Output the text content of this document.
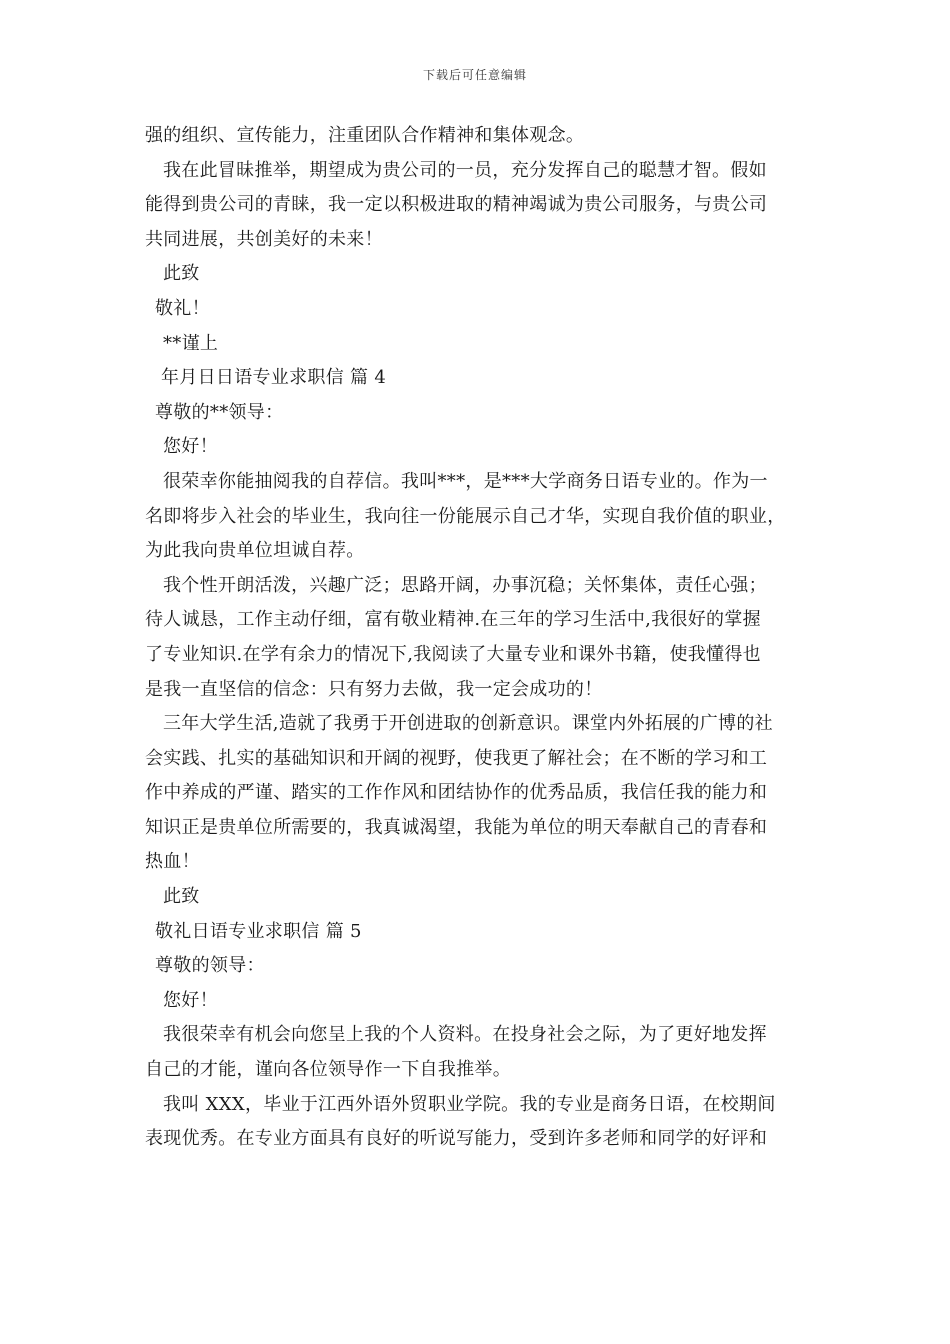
下载后可任意编辑
强的组织、宣传能力，注重团队合作精神和集体观念。
我在此冒昧推举，期望成为贵公司的一员，充分发挥自己的聪慧才智。假如
能得到贵公司的青睐，我一定以积极进取的精神竭诚为贵公司服务，与贵公司
共同进展，共创美好的未来！
此致
敬礼！
**谨上
年月日日语专业求职信 篇 4
尊敬的**领导：
您好！
很荣幸你能抽阅我的自荐信。我叫***，是***大学商务日语专业的。作为一
名即将步入社会的毕业生，我向往一份能展示自己才华，实现自我价值的职业，
为此我向贵单位坦诚自荐。
我个性开朗活泼，兴趣广泛；思路开阔，办事沉稳；关怀集体，责任心强；
待人诚恳，工作主动仔细，富有敬业精神.在三年的学习生活中,我很好的掌握
了专业知识.在学有余力的情况下,我阅读了大量专业和课外书籍，使我懂得也
是我一直坚信的信念：只有努力去做，我一定会成功的！
三年大学生活,造就了我勇于开创进取的创新意识。课堂内外拓展的广博的社
会实践、扎实的基础知识和开阔的视野，使我更了解社会；在不断的学习和工
作中养成的严谨、踏实的工作作风和团结协作的优秀品质，我信任我的能力和
知识正是贵单位所需要的，我真诚渴望，我能为单位的明天奉献自己的青春和
热血！
此致
敬礼日语专业求职信 篇 5
尊敬的领导：
您好！
我很荣幸有机会向您呈上我的个人资料。在投身社会之际，为了更好地发挥
自己的才能，谨向各位领导作一下自我推举。
我叫 XXX，毕业于江西外语外贸职业学院。我的专业是商务日语，在校期间
表现优秀。在专业方面具有良好的听说写能力，受到许多老师和同学的好评和
